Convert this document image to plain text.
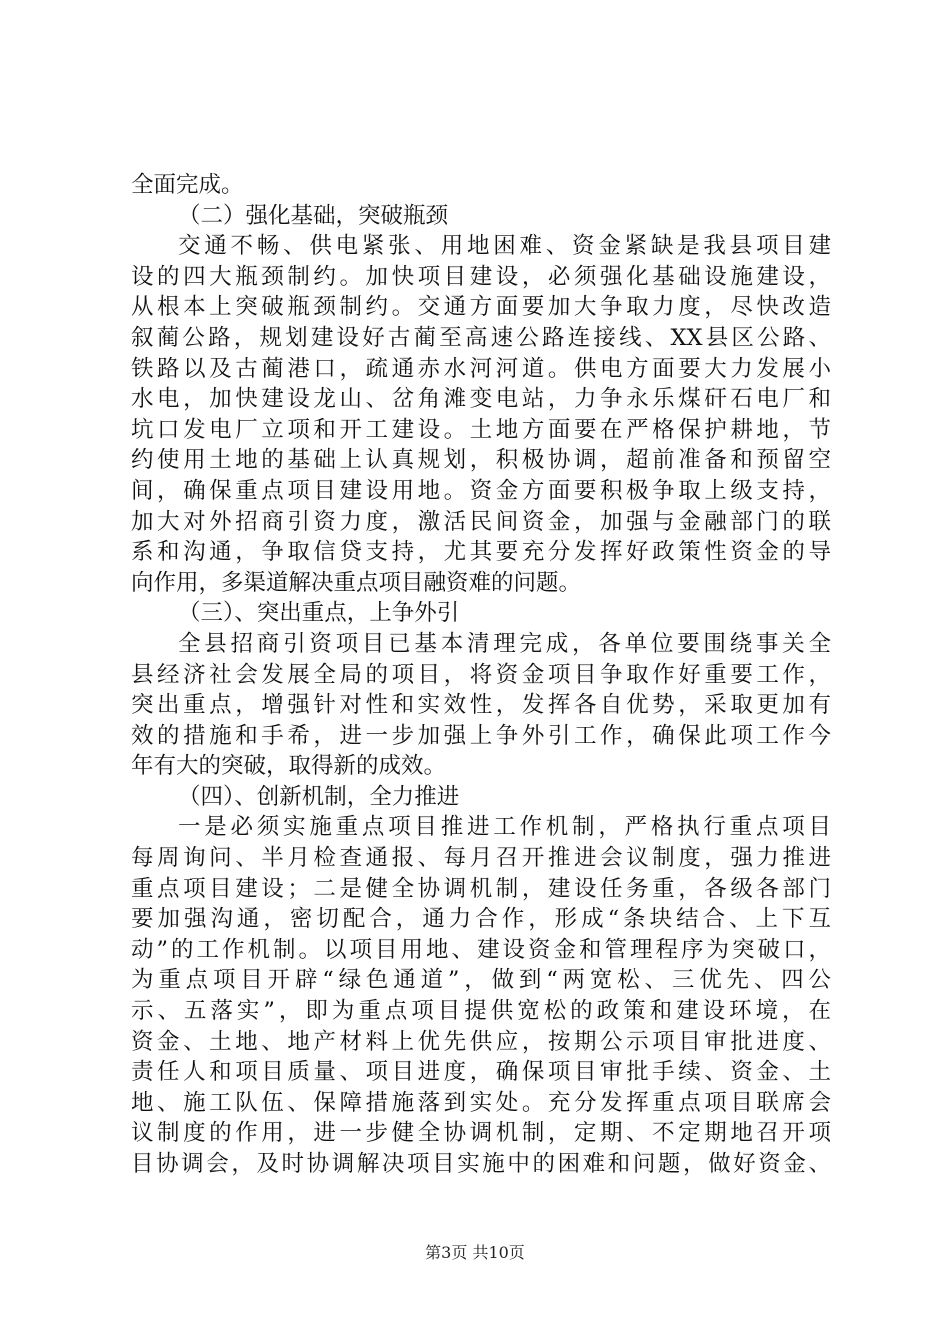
全面完成。
（二）强化基础，突破瓶颈
交通不畅、供电紧张、用地困难、资金紧缺是我县项目建
设的四大瓶颈制约。加快项目建设，必须强化基础设施建设，
从根本上突破瓶颈制约。交通方面要加大争取力度，尽快改造
叙蔺公路，规划建设好古蔺至高速公路连接线、XX县区公路、
铁路以及古蔺港口，疏通赤水河河道。供电方面要大力发展小
水电，加快建设龙山、岔角滩变电站，力争永乐煤矸石电厂和
坑口发电厂立项和开工建设。土地方面要在严格保护耕地，节
约使用土地的基础上认真规划，积极协调，超前准备和预留空
间，确保重点项目建设用地。资金方面要积极争取上级支持，
加大对外招商引资力度，激活民间资金，加强与金融部门的联
系和沟通，争取信贷支持，尤其要充分发挥好政策性资金的导
向作用，多渠道解决重点项目融资难的问题。
（三）、突出重点，上争外引
全县招商引资项目已基本清理完成，各单位要围绕事关全
县经济社会发展全局的项目，将资金项目争取作好重要工作，
突出重点，增强针对性和实效性，发挥各自优势，采取更加有
效的措施和手希，进一步加强上争外引工作，确保此项工作今
年有大的突破，取得新的成效。
（四）、创新机制，全力推进
一是必须实施重点项目推进工作机制，严格执行重点项目
每周询问、半月检查通报、每月召开推进会议制度，强力推进
重点项目建设；二是健全协调机制，建设任务重，各级各部门
要加强沟通，密切配合，通力合作，形成“条块结合、上下互
动”的工作机制。以项目用地、建设资金和管理程序为突破口，
为重点项目开辟“绿色通道”，做到“两宽松、三优先、四公
示、五落实”，即为重点项目提供宽松的政策和建设环境，在
资金、土地、地产材料上优先供应，按期公示项目审批进度、
责任人和项目质量、项目进度，确保项目审批手续、资金、土
地、施工队伍、保障措施落到实处。充分发挥重点项目联席会
议制度的作用，进一步健全协调机制，定期、不定期地召开项
目协调会，及时协调解决项目实施中的困难和问题，做好资金、
第3页 共10页
